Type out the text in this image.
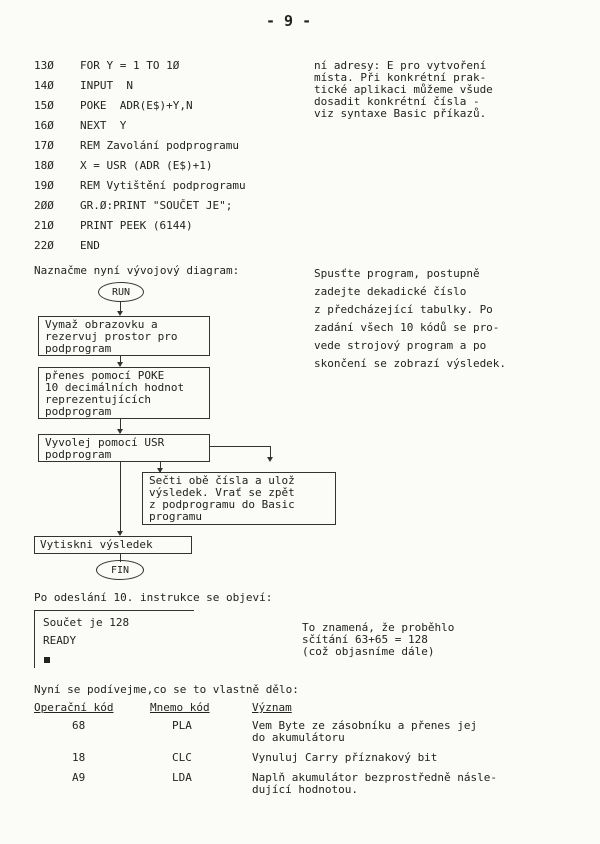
- 9 -
13Ø FOR Y = 1 TO 1Ø
14Ø INPUT  N
15Ø POKE  ADR(E$)+Y,N
16Ø NEXT  Y
17Ø REM Zavolání podprogramu
18Ø X = USR (ADR (E$)+1)
19Ø REM Vytištění podprogramu
2ØØ GR.Ø:PRINT "SOUČET JE";
21Ø PRINT PEEK (6144)
22Ø END
ní adresy: E pro vytvoření
místa. Při konkrétní prak-
tické aplikaci můžeme všude
dosadit konkrétní čísla -
viz syntaxe Basic příkazů.
Naznačme nyní vývojový diagram:	Spusťte program, postupně
zadejte dekadické číslo
z předcházející tabulky. Po
zadání všech 10 kódů se pro-
vede strojový program a po
skončení se zobrazí výsledek.
RUN
Vymaž obrazovku a
rezervuj prostor pro
podprogram
přenes pomocí POKE
10 decimálních hodnot
reprezentujících
podprogram
Vyvolej pomocí USR
podprogram
Sečti obě čísla a ulož
výsledek. Vrať se zpět
z podprogramu do Basic
programu
Vytiskni výsledek
FIN
Po odeslání 10. instrukce se objeví:
Součet je 128
READY
To znamená, že proběhlo
sčítání 63+65 = 128
(což objasníme dále)
Nyní se podívejme,co se to vlastně dělo:
Operační kód	Mnemo kód	Význam
68	PLA	Vem Byte ze zásobníku a přenes jej
do akumulátoru
18	CLC	Vynuluj Carry příznakový bit
A9	LDA	Naplň akumulátor bezprostředně násle-
dující hodnotou.
